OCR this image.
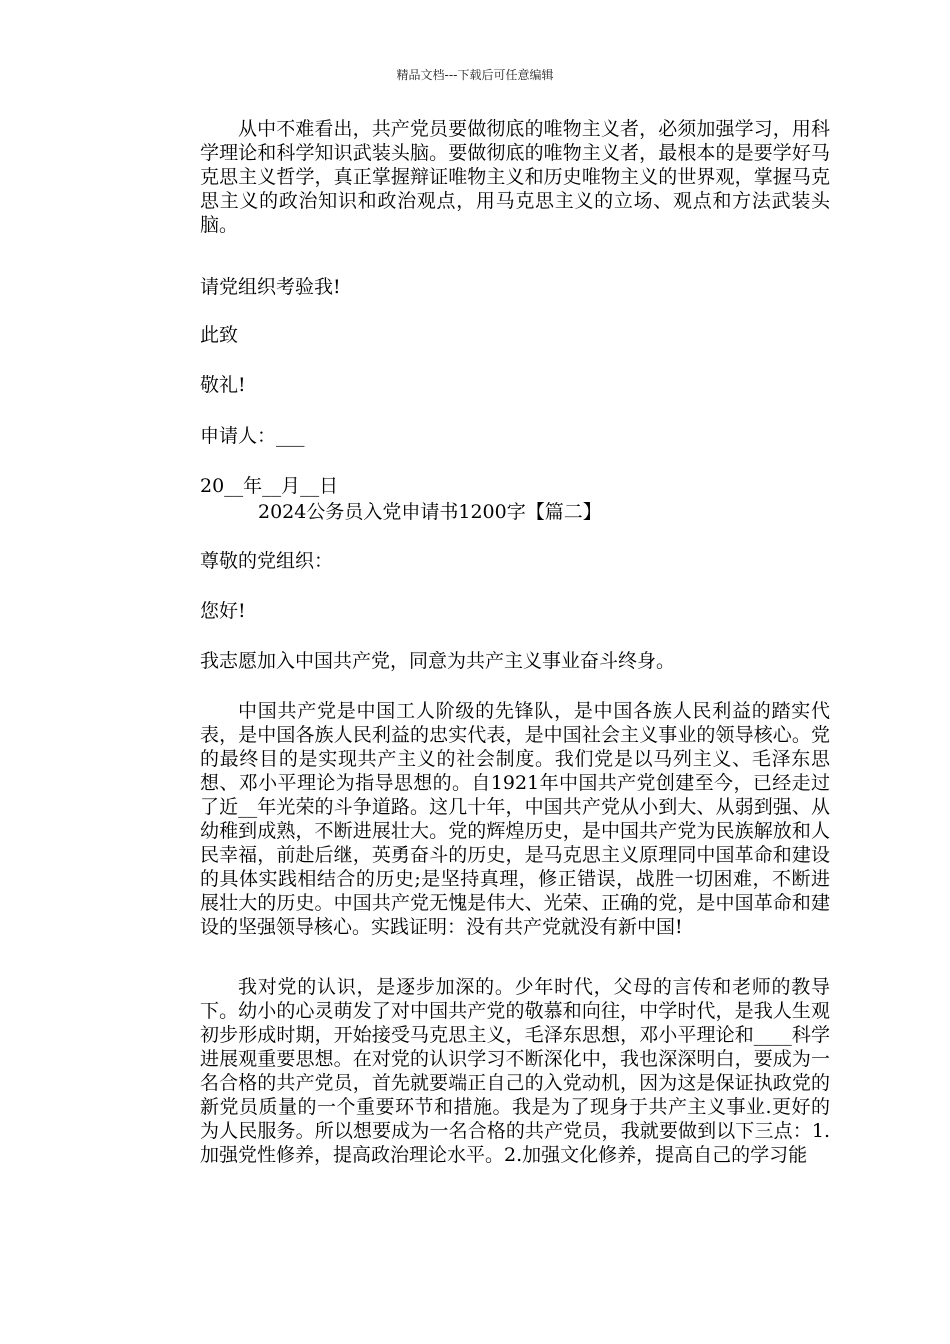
精品文档---下载后可任意编辑

从中不难看出，共产党员要做彻底的唯物主义者，必须加强学习，用科学理论和科学知识武装头脑。要做彻底的唯物主义者，最根本的是要学好马克思主义哲学，真正掌握辩证唯物主义和历史唯物主义的世界观，掌握马克思主义的政治知识和政治观点，用马克思主义的立场、观点和方法武装头脑。

请党组织考验我!
此致
敬礼!
申请人：___
20__年__月__日
2024公务员入党申请书1200字【篇二】
尊敬的党组织：
您好!
我志愿加入中国共产党，同意为共产主义事业奋斗终身。

中国共产党是中国工人阶级的先锋队，是中国各族人民利益的踏实代表，是中国各族人民利益的忠实代表，是中国社会主义事业的领导核心。党的最终目的是实现共产主义的社会制度。我们党是以马列主义、毛泽东思想、邓小平理论为指导思想的。自1921年中国共产党创建至今，已经走过了近__年光荣的斗争道路。这几十年，中国共产党从小到大、从弱到强、从幼稚到成熟，不断进展壮大。党的辉煌历史，是中国共产党为民族解放和人民幸福，前赴后继，英勇奋斗的历史，是马克思主义原理同中国革命和建设的具体实践相结合的历史;是坚持真理，修正错误，战胜一切困难，不断进展壮大的历史。中国共产党无愧是伟大、光荣、正确的党，是中国革命和建设的坚强领导核心。实践证明：没有共产党就没有新中国!

我对党的认识，是逐步加深的。少年时代，父母的言传和老师的教导下。幼小的心灵萌发了对中国共产党的敬慕和向往，中学时代，是我人生观初步形成时期，开始接受马克思主义，毛泽东思想，邓小平理论和____科学进展观重要思想。在对党的认识学习不断深化中，我也深深明白，要成为一名合格的共产党员，首先就要端正自己的入党动机，因为这是保证执政党的新党员质量的一个重要环节和措施。我是为了现身于共产主义事业.更好的为人民服务。所以想要成为一名合格的共产党员，我就要做到以下三点：1.加强党性修养，提高政治理论水平。2.加强文化修养，提高自己的学习能
